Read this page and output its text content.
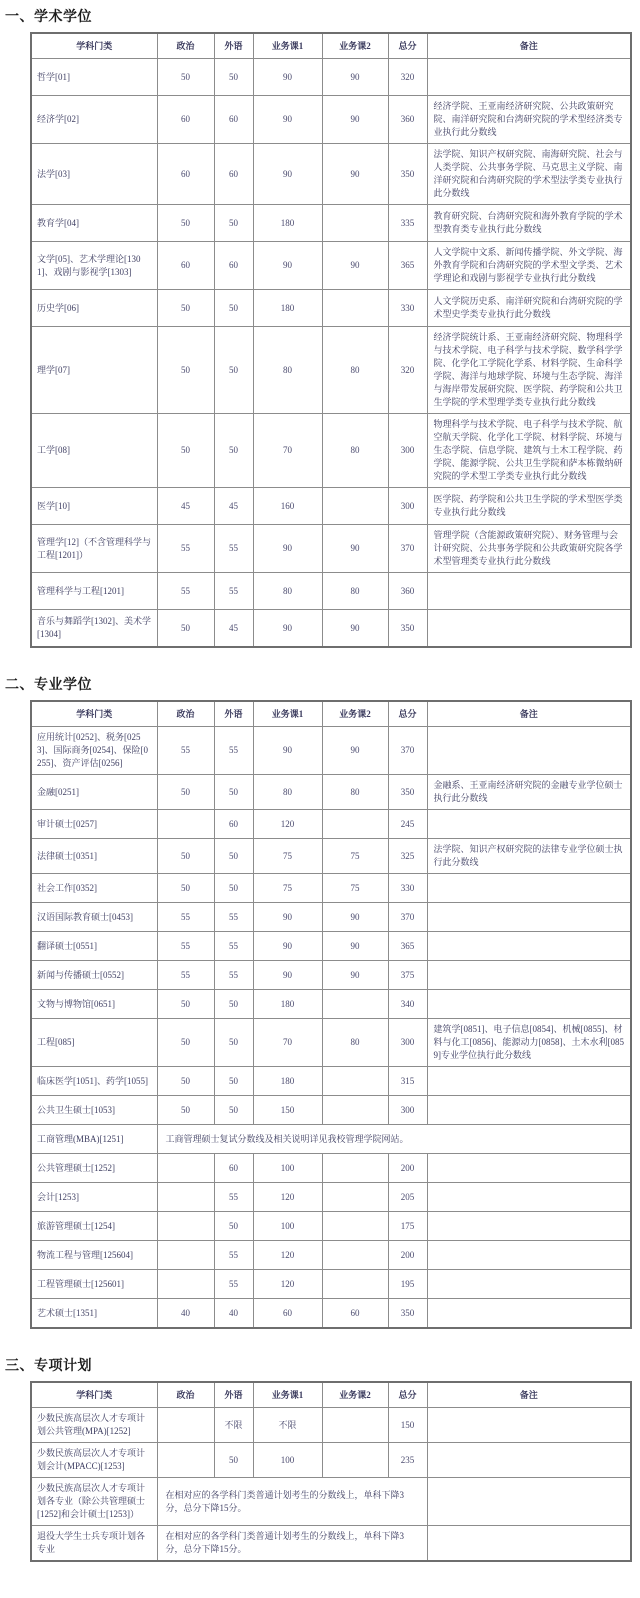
一、学术学位
学科门类	政治	外语	业务课1	业务课2	总分	备注
哲学[01]	50	50	90	90	320	
经济学[02]	60	60	90	90	360	经济学院、王亚南经济研究院、公共政策研究院、南洋研究院和台湾研究院的学术型经济类专业执行此分数线
法学[03]	60	60	90	90	350	法学院、知识产权研究院、南海研究院、社会与人类学院、公共事务学院、马克思主义学院、南洋研究院和台湾研究院的学术型法学类专业执行此分数线
教育学[04]	50	50	180		335	教育研究院、台湾研究院和海外教育学院的学术型教育类专业执行此分数线
文学[05]、艺术学理论[1301]、戏剧与影视学[1303]	60	60	90	90	365	人文学院中文系、新闻传播学院、外文学院、海外教育学院和台湾研究院的学术型文学类、艺术学理论和戏剧与影视学专业执行此分数线
历史学[06]	50	50	180		330	人文学院历史系、南洋研究院和台湾研究院的学术型史学类专业执行此分数线
理学[07]	50	50	80	80	320	经济学院统计系、王亚南经济研究院、物理科学与技术学院、电子科学与技术学院、数学科学学院、化学化工学院化学系、材料学院、生命科学学院、海洋与地球学院、环境与生态学院、海洋与海岸带发展研究院、医学院、药学院和公共卫生学院的学术型理学类专业执行此分数线
工学[08]	50	50	70	80	300	物理科学与技术学院、电子科学与技术学院、航空航天学院、化学化工学院、材料学院、环境与生态学院、信息学院、建筑与土木工程学院、药学院、能源学院、公共卫生学院和萨本栋微纳研究院的学术型工学类专业执行此分数线
医学[10]	45	45	160		300	医学院、药学院和公共卫生学院的学术型医学类专业执行此分数线
管理学[12]（不含管理科学与工程[1201]）	55	55	90	90	370	管理学院（含能源政策研究院）、财务管理与会计研究院、公共事务学院和公共政策研究院各学术型管理类专业执行此分数线
管理科学与工程[1201]	55	55	80	80	360	
音乐与舞蹈学[1302]、美术学[1304]	50	45	90	90	350	
二、专业学位
学科门类	政治	外语	业务课1	业务课2	总分	备注
应用统计[0252]、税务[0253]、国际商务[0254]、保险[0255]、资产评估[0256]	55	55	90	90	370	
金融[0251]	50	50	80	80	350	金融系、王亚南经济研究院的金融专业学位硕士执行此分数线
审计硕士[0257]		60	120		245	
法律硕士[0351]	50	50	75	75	325	法学院、知识产权研究院的法律专业学位硕士执行此分数线
社会工作[0352]	50	50	75	75	330	
汉语国际教育硕士[0453]	55	55	90	90	370	
翻译硕士[0551]	55	55	90	90	365	
新闻与传播硕士[0552]	55	55	90	90	375	
文物与博物馆[0651]	50	50	180		340	
工程[085]	50	50	70	80	300	建筑学[0851]、电子信息[0854]、机械[0855]、材料与化工[0856]、能源动力[0858]、土木水利[0859]专业学位执行此分数线
临床医学[1051]、药学[1055]	50	50	180		315	
公共卫生硕士[1053]	50	50	150		300	
工商管理(MBA)[1251]	工商管理硕士复试分数线及相关说明详见我校管理学院网站。					
公共管理硕士[1252]		60	100		200	
会计[1253]		55	120		205	
旅游管理硕士[1254]		50	100		175	
物流工程与管理[125604]		55	120		200	
工程管理硕士[125601]		55	120		195	
艺术硕士[1351]	40	40	60	60	350	
三、专项计划
学科门类	政治	外语	业务课1	业务课2	总分	备注
少数民族高层次人才专项计划公共管理(MPA)[1252]		不限	不限		150	
少数民族高层次人才专项计划会计(MPACC)[1253]		50	100		235	
少数民族高层次人才专项计划各专业（除公共管理硕士[1252]和会计硕士[1253]）	在相对应的各学科门类普通计划考生的分数线上，单科下降3分，总分下降15分。					
退役大学生士兵专项计划各专业	在相对应的各学科门类普通计划考生的分数线上，单科下降3分，总分下降15分。					
